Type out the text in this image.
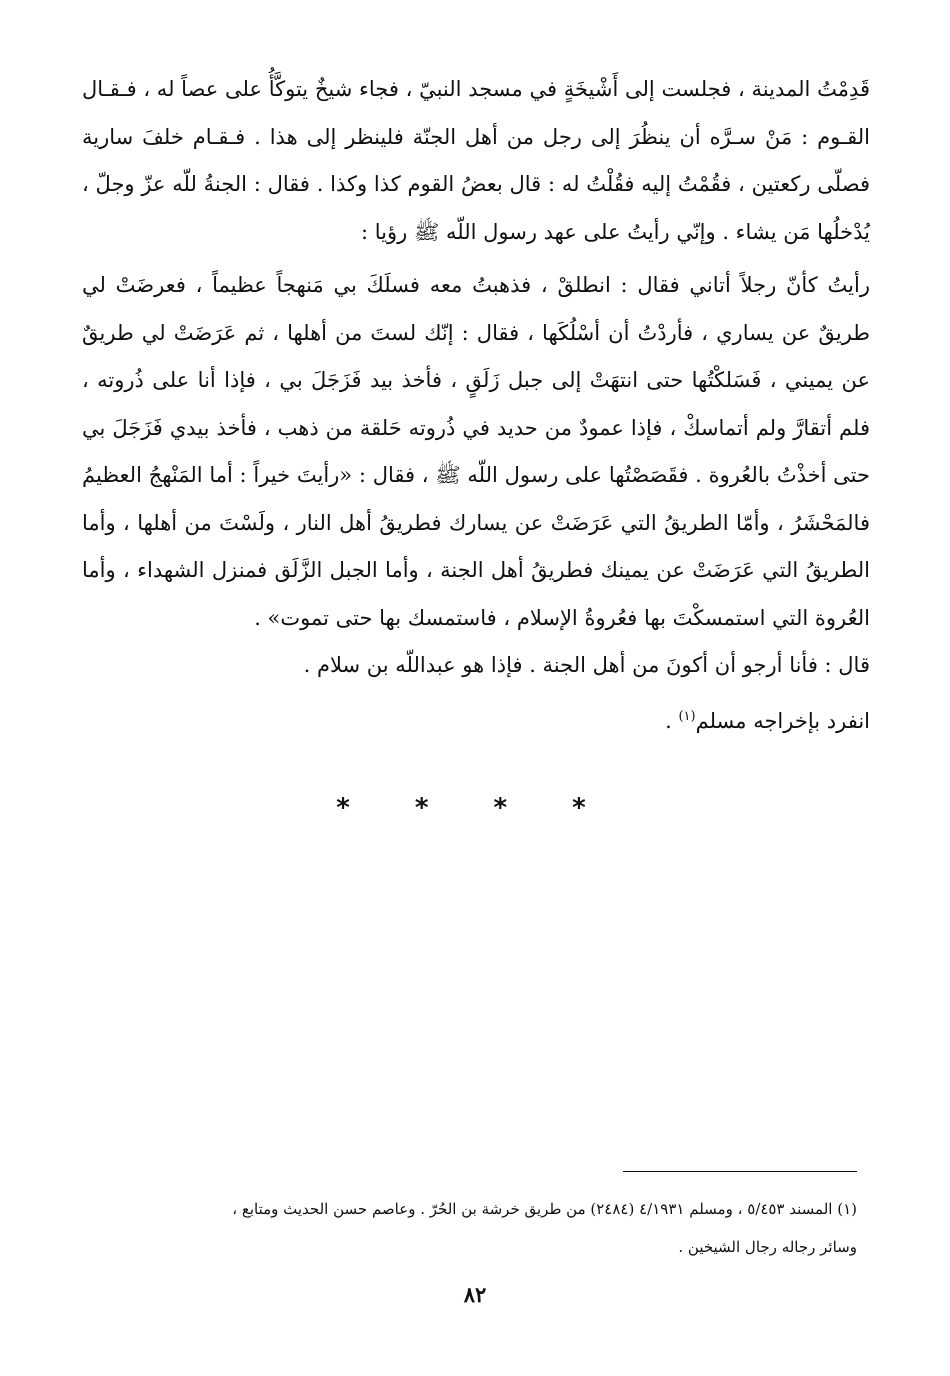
قَدِمْتُ المدينة ، فجلست إلى أَشْيخَةٍ في مسجد النبيّ ، فجاء شيخٌ يتوكَّأُ على عصاً له ، فـقـال القـوم : مَنْ سـرَّه أن ينظُرَ إلى رجل من أهل الجنّة فلينظر إلى هذا . فـقـام خلفَ سارية فصلّى ركعتين ، فقُمْتُ إليه فقُلْتُ له : قال بعضُ القوم كذا وكذا . فقال : الجنةُ للّه عزّ وجلّ ، يُدْخلُها مَن يشاء . وإنّي رأيتُ على عهد رسول اللّه ﷺ رؤيا :

رأيتُ كأنّ رجلاً أتاني فقال : انطلقْ ، فذهبتُ معه فسلَكَ بي مَنهجاً عظيماً ، فعرضَتْ لي طريقٌ عن يساري ، فأردْتُ أن أسْلُكَها ، فقال : إنّك لستَ من أهلها ، ثم عَرَضَتْ لي طريقٌ عن يميني ، فَسَلكْتُها حتى انتهَتْ إلى جبل زَلَقٍ ، فأخذ بيد فَزَجَلَ بي ، فإذا أنا على ذُروته ، فلم أتقارَّ ولم أتماسكْ ، فإذا عمودٌ من حديد في ذُروته حَلقة من ذهب ، فأخذ بيدي فَزَجَلَ بي حتى أخذْتُ بالعُروة . فقَصَصْتُها على رسول اللّه ﷺ ، فقال : «رأيتَ خيراً : أما المَنْهجُ العظيمُ فالمَحْشَرُ ، وأمّا الطريقُ التي عَرَضَتْ عن يسارك فطريقُ أهل النار ، ولَسْتَ من أهلها ، وأما الطريقُ التي عَرَضَتْ عن يمينك فطريقُ أهل الجنة ، وأما الجبل الزَّلَق فمنزل الشهداء ، وأما العُروة التي استمسكْتَ بها فعُروةُ الإسلام ، فاستمسك بها حتى تموت» .

قال : فأنا أرجو أن أكونَ من أهل الجنة . فإذا هو عبداللّه بن سلام .

انفرد بإخراجه مسلم$^{(١)}$ .

* * * *

(١) المسند ٥/٤٥٣ ، ومسلم ٤/١٩٣١ (٢٤٨٤) من طريق خرشة بن الحُرّ . وعاصم حسن الحديث ومتابع ،

وسائر رجاله رجال الشيخين .

٨٢
